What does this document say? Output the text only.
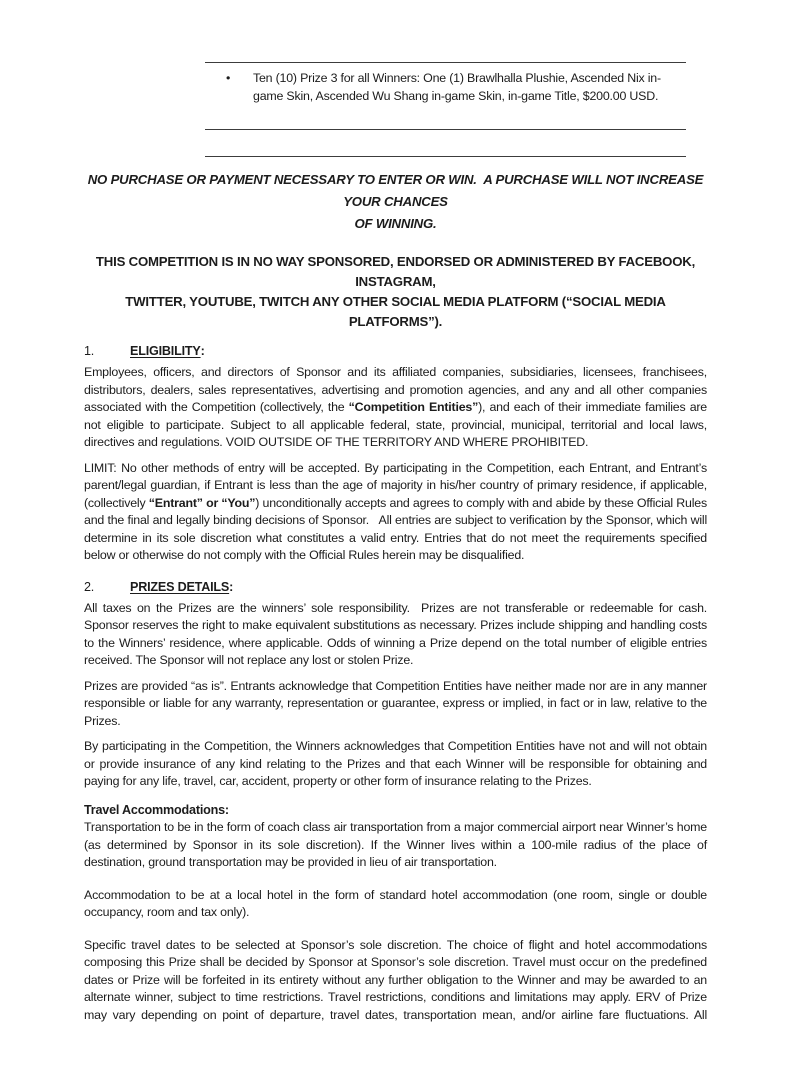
•	Ten (10) Prize 3 for all Winners: One (1) Brawlhalla Plushie, Ascended Nix in-game Skin, Ascended Wu Shang in-game Skin, in-game Title, $200.00 USD.
NO PURCHASE OR PAYMENT NECESSARY TO ENTER OR WIN.  A PURCHASE WILL NOT INCREASE YOUR CHANCES
OF WINNING.
THIS COMPETITION IS IN NO WAY SPONSORED, ENDORSED OR ADMINISTERED BY FACEBOOK, INSTAGRAM,
TWITTER, YOUTUBE, TWITCH ANY OTHER SOCIAL MEDIA PLATFORM (“SOCIAL MEDIA PLATFORMS”).
1.	ELIGIBILITY :

Employees, officers, and directors of Sponsor and its affiliated companies, subsidiaries, licensees, franchisees, distributors, dealers, sales representatives, advertising and promotion agencies, and any and all other companies associated with the Competition (collectively, the “Competition Entities”), and each of their immediate families are not eligible to participate. Subject to all applicable federal, state, provincial, municipal, territorial and local laws, directives and regulations. VOID OUTSIDE OF THE TERRITORY AND WHERE PROHIBITED.

LIMIT: No other methods of entry will be accepted. By participating in the Competition, each Entrant, and Entrant’s parent/legal guardian, if Entrant is less than the age of majority in his/her country of primary residence, if applicable, (collectively “Entrant” or “You”) unconditionally accepts and agrees to comply with and abide by these Official Rules and the final and legally binding decisions of Sponsor.   All entries are subject to verification by the Sponsor, which will determine in its sole discretion what constitutes a valid entry. Entries that do not meet the requirements specified below or otherwise do not comply with the Official Rules herein may be disqualified.

2.	PRIZES DETAILS :

All taxes on the Prizes are the winners’ sole responsibility.  Prizes are not transferable or redeemable for cash. Sponsor reserves the right to make equivalent substitutions as necessary. Prizes include shipping and handling costs to the Winners’ residence, where applicable. Odds of winning a Prize depend on the total number of eligible entries received. The Sponsor will not replace any lost or stolen Prize.

Prizes are provided “as is”. Entrants acknowledge that Competition Entities have neither made nor are in any manner responsible or liable for any warranty, representation or guarantee, express or implied, in fact or in law, relative to the Prizes.

By participating in the Competition, the Winners acknowledges that Competition Entities have not and will not obtain or provide insurance of any kind relating to the Prizes and that each Winner will be responsible for obtaining and paying for any life, travel, car, accident, property or other form of insurance relating to the Prizes.

Travel Accommodations:

Transportation to be in the form of coach class air transportation from a major commercial airport near Winner’s home (as determined by Sponsor in its sole discretion). If the Winner lives within a 100-mile radius of the place of destination, ground transportation may be provided in lieu of air transportation.

Accommodation to be at a local hotel in the form of standard hotel accommodation (one room, single or double occupancy, room and tax only).

Specific travel dates to be selected at Sponsor’s sole discretion. The choice of flight and hotel accommodations composing this Prize shall be decided by Sponsor at Sponsor’s sole discretion. Travel must occur on the predefined dates or Prize will be forfeited in its entirety without any further obligation to the Winner and may be awarded to an alternate winner, subject to time restrictions. Travel restrictions, conditions and limitations may apply. ERV of Prize may vary depending on point of departure, travel dates, transportation mean, and/or airline fare fluctuations. All
